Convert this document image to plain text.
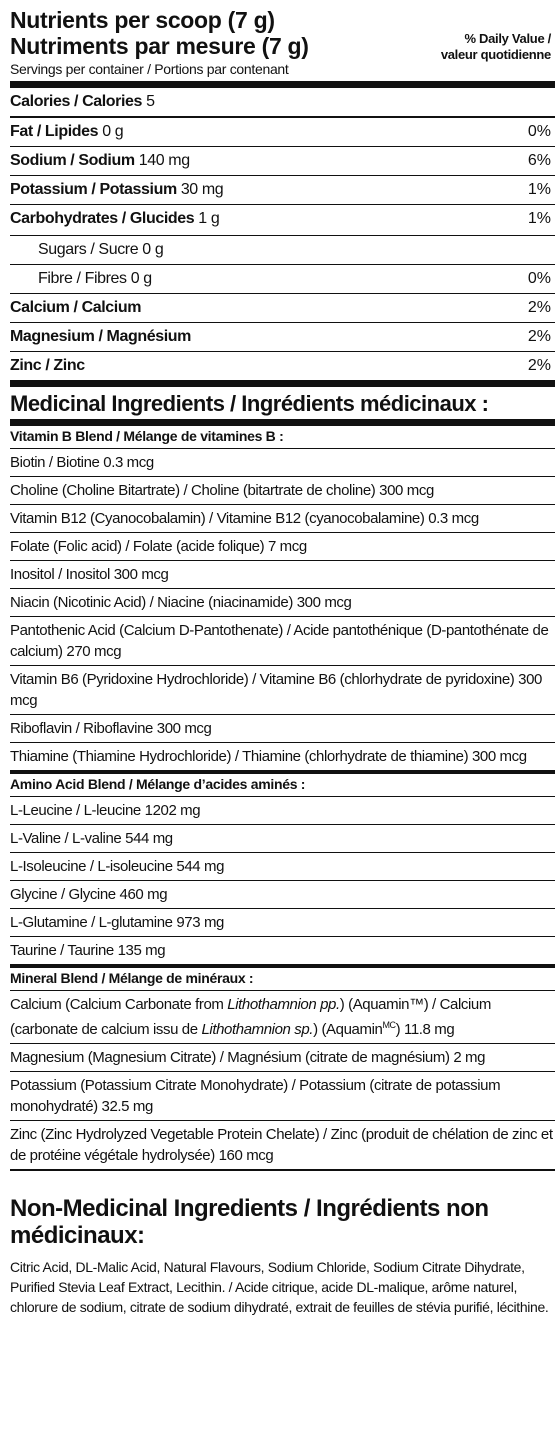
Nutrients per scoop (7 g)
Nutriments par mesure (7 g)
Servings per container / Portions par contenant
% Daily Value /
valeur quotidienne
Calories / Calories 5
Fat / Lipides 0 g	0%
Sodium / Sodium 140 mg	6%
Potassium / Potassium 30 mg	1%
Carbohydrates / Glucides 1 g	1%
Sugars / Sucre 0 g
Fibre / Fibres 0 g	0%
Calcium / Calcium	2%
Magnesium / Magnésium	2%
Zinc / Zinc	2%
Medicinal Ingredients / Ingrédients médicinaux :
Vitamin B Blend / Mélange de vitamines B :
Biotin / Biotine 0.3 mcg
Choline (Choline Bitartrate) / Choline (bitartrate de choline) 300 mcg
Vitamin B12 (Cyanocobalamin) / Vitamine B12 (cyanocobalamine) 0.3 mcg
Folate (Folic acid) / Folate (acide folique) 7 mcg
Inositol / Inositol 300 mcg
Niacin (Nicotinic Acid) / Niacine (niacinamide) 300 mcg
Pantothenic Acid (Calcium D-Pantothenate) / Acide pantothénique (D-pantothénate de calcium) 270 mcg
Vitamin B6 (Pyridoxine Hydrochloride) / Vitamine B6 (chlorhydrate de pyridoxine) 300 mcg
Riboflavin / Riboflavine 300 mcg
Thiamine (Thiamine Hydrochloride) / Thiamine (chlorhydrate de thiamine) 300 mcg
Amino Acid Blend / Mélange d’acides aminés :
L-Leucine / L-leucine 1202 mg
L-Valine / L-valine 544 mg
L-Isoleucine / L-isoleucine 544 mg
Glycine / Glycine 460 mg
L-Glutamine / L-glutamine 973 mg
Taurine / Taurine 135 mg
Mineral Blend / Mélange de minéraux :
Calcium (Calcium Carbonate from Lithothamnion pp.) (Aquamin™) / Calcium (carbonate de calcium issu de Lithothamnion sp.) (Aquamin$^{MC}$) 11.8 mg
Magnesium (Magnesium Citrate) / Magnésium (citrate de magnésium) 2 mg
Potassium (Potassium Citrate Monohydrate) / Potassium (citrate de potassium monohydraté) 32.5 mg
Zinc (Zinc Hydrolyzed Vegetable Protein Chelate) / Zinc (produit de chélation de zinc et de protéine végétale hydrolysée) 160 mcg
Non-Medicinal Ingredients / Ingrédients non médicinaux:
Citric Acid, DL-Malic Acid, Natural Flavours, Sodium Chloride, Sodium Citrate Dihydrate, Purified Stevia Leaf Extract, Lecithin. / Acide citrique, acide DL-malique, arôme naturel, chlorure de sodium, citrate de sodium dihydraté, extrait de feuilles de stévia purifié, lécithine.
